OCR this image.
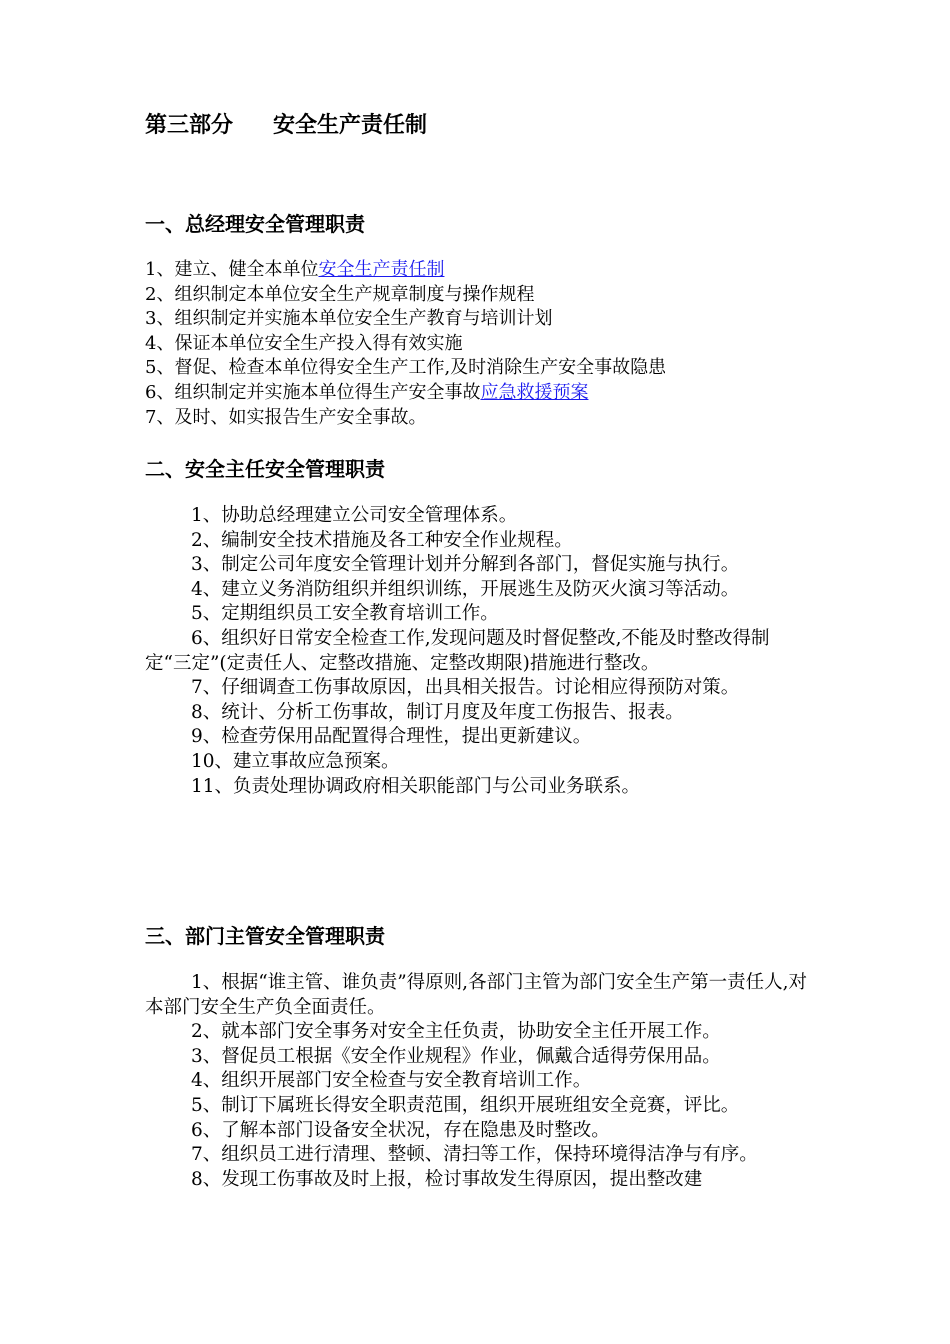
第三部分 安全生产责任制
一、总经理安全管理职责
1、建立、健全本单位安全生产责任制
2、组织制定本单位安全生产规章制度与操作规程
3、组织制定并实施本单位安全生产教育与培训计划
4、保证本单位安全生产投入得有效实施
5、督促、检查本单位得安全生产工作,及时消除生产安全事故隐患
6、组织制定并实施本单位得生产安全事故应急救援预案
7、及时、如实报告生产安全事故。
二、安全主任安全管理职责
1、协助总经理建立公司安全管理体系。
2、编制安全技术措施及各工种安全作业规程。
3、制定公司年度安全管理计划并分解到各部门，督促实施与执行。
4、建立义务消防组织并组织训练，开展逃生及防灭火演习等活动。
5、定期组织员工安全教育培训工作。
6、组织好日常安全检查工作,发现问题及时督促整改,不能及时整改得制定“三定”(定责任人、定整改措施、定整改期限)措施进行整改。
7、仔细调查工伤事故原因，出具相关报告。讨论相应得预防对策。
8、统计、分析工伤事故，制订月度及年度工伤报告、报表。
9、检查劳保用品配置得合理性，提出更新建议。
10、建立事故应急预案。
11、负责处理协调政府相关职能部门与公司业务联系。
三、部门主管安全管理职责
1、根据“谁主管、谁负责”得原则,各部门主管为部门安全生产第一责任人,对本部门安全生产负全面责任。
2、就本部门安全事务对安全主任负责，协助安全主任开展工作。
3、督促员工根据《安全作业规程》作业，佩戴合适得劳保用品。
4、组织开展部门安全检查与安全教育培训工作。
5、制订下属班长得安全职责范围，组织开展班组安全竞赛，评比。
6、了解本部门设备安全状况，存在隐患及时整改。
7、组织员工进行清理、整顿、清扫等工作，保持环境得洁净与有序。
8、发现工伤事故及时上报，检讨事故发生得原因，提出整改建
